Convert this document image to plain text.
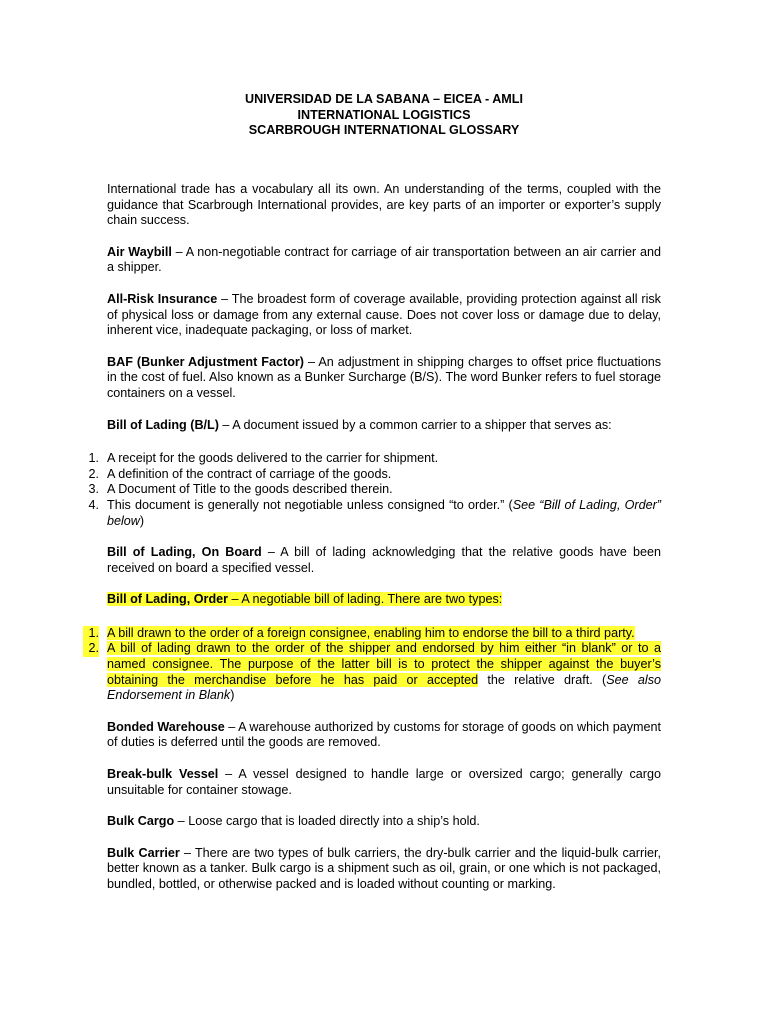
UNIVERSIDAD DE LA SABANA – EICEA - AMLI
INTERNATIONAL LOGISTICS
SCARBROUGH INTERNATIONAL GLOSSARY

International trade has a vocabulary all its own. An understanding of the terms, coupled with the guidance that Scarbrough International provides, are key parts of an importer or exporter’s supply chain success.

Air Waybill – A non-negotiable contract for carriage of air transportation between an air carrier and a shipper.

All-Risk Insurance – The broadest form of coverage available, providing protection against all risk of physical loss or damage from any external cause. Does not cover loss or damage due to delay, inherent vice, inadequate packaging, or loss of market.

BAF (Bunker Adjustment Factor) – An adjustment in shipping charges to offset price fluctuations in the cost of fuel. Also known as a Bunker Surcharge (B/S). The word Bunker refers to fuel storage containers on a vessel.

Bill of Lading (B/L) – A document issued by a common carrier to a shipper that serves as:

1. A receipt for the goods delivered to the carrier for shipment.
2. A definition of the contract of carriage of the goods.
3. A Document of Title to the goods described therein.
4. This document is generally not negotiable unless consigned “to order.” (See “Bill of Lading, Order” below)

Bill of Lading, On Board – A bill of lading acknowledging that the relative goods have been received on board a specified vessel.

Bill of Lading, Order – A negotiable bill of lading. There are two types:

1. A bill drawn to the order of a foreign consignee, enabling him to endorse the bill to a third party.
2. A bill of lading drawn to the order of the shipper and endorsed by him either “in blank” or to a named consignee. The purpose of the latter bill is to protect the shipper against the buyer’s obtaining the merchandise before he has paid or accepted the relative draft. (See also Endorsement in Blank)

Bonded Warehouse – A warehouse authorized by customs for storage of goods on which payment of duties is deferred until the goods are removed.

Break-bulk Vessel – A vessel designed to handle large or oversized cargo; generally cargo unsuitable for container stowage.

Bulk Cargo – Loose cargo that is loaded directly into a ship’s hold.

Bulk Carrier – There are two types of bulk carriers, the dry-bulk carrier and the liquid-bulk carrier, better known as a tanker. Bulk cargo is a shipment such as oil, grain, or one which is not packaged, bundled, bottled, or otherwise packed and is loaded without counting or marking.
